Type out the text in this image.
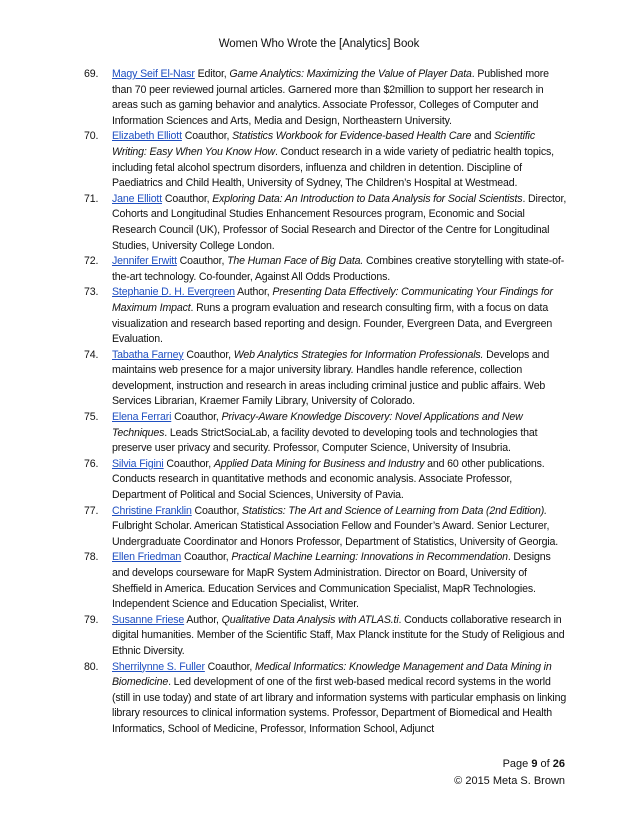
Women Who Wrote the [Analytics] Book
69.	Magy Seif El-Nasr Editor, Game Analytics: Maximizing the Value of Player Data. Published more than 70 peer reviewed journal articles. Garnered more than $2million to support her research in areas such as gaming behavior and analytics. Associate Professor, Colleges of Computer and Information Sciences and Arts, Media and Design, Northeastern University.
70.	Elizabeth Elliott Coauthor, Statistics Workbook for Evidence-based Health Care and Scientific Writing: Easy When You Know How. Conduct research in a wide variety of pediatric health topics, including fetal alcohol spectrum disorders, influenza and children in detention. Discipline of Paediatrics and Child Health, University of Sydney, The Children’s Hospital at Westmead.
71.	Jane Elliott Coauthor, Exploring Data: An Introduction to Data Analysis for Social Scientists. Director, Cohorts and Longitudinal Studies Enhancement Resources program, Economic and Social Research Council (UK), Professor of Social Research and Director of the Centre for Longitudinal Studies, University College London.
72.	Jennifer Erwitt Coauthor, The Human Face of Big Data. Combines creative storytelling with state-of-the-art technology. Co-founder, Against All Odds Productions.
73.	Stephanie D. H. Evergreen Author, Presenting Data Effectively: Communicating Your Findings for Maximum Impact. Runs a program evaluation and research consulting firm, with a focus on data visualization and research based reporting and design. Founder, Evergreen Data, and Evergreen Evaluation.
74.	Tabatha Farney Coauthor, Web Analytics Strategies for Information Professionals. Develops and maintains web presence for a major university library. Handles handle reference, collection development, instruction and research in areas including criminal justice and public affairs. Web Services Librarian, Kraemer Family Library, University of Colorado.
75.	Elena Ferrari Coauthor, Privacy-Aware Knowledge Discovery: Novel Applications and New Techniques. Leads StrictSociaLab, a facility devoted to developing tools and technologies that preserve user privacy and security. Professor, Computer Science, University of Insubria.
76.	Silvia Figini Coauthor, Applied Data Mining for Business and Industry and 60 other publications. Conducts research in quantitative methods and economic analysis. Associate Professor, Department of Political and Social Sciences, University of Pavia.
77.	Christine Franklin Coauthor, Statistics: The Art and Science of Learning from Data (2nd Edition). Fulbright Scholar. American Statistical Association Fellow and Founder’s Award. Senior Lecturer, Undergraduate Coordinator and Honors Professor, Department of Statistics, University of Georgia.
78.	Ellen Friedman Coauthor, Practical Machine Learning: Innovations in Recommendation. Designs and develops courseware for MapR System Administration. Director on Board, University of Sheffield in America. Education Services and Communication Specialist, MapR Technologies. Independent Science and Education Specialist, Writer.
79.	Susanne Friese Author, Qualitative Data Analysis with ATLAS.ti. Conducts collaborative research in digital humanities. Member of the Scientific Staff, Max Planck institute for the Study of Religious and Ethnic Diversity.
80.	Sherrilynne S. Fuller Coauthor, Medical Informatics: Knowledge Management and Data Mining in Biomedicine. Led development of one of the first web-based medical record systems in the world (still in use today) and state of art library and information systems with particular emphasis on linking library resources to clinical information systems. Professor, Department of Biomedical and Health Informatics, School of Medicine, Professor, Information School, Adjunct
Page 9 of 26
© 2015 Meta S. Brown
